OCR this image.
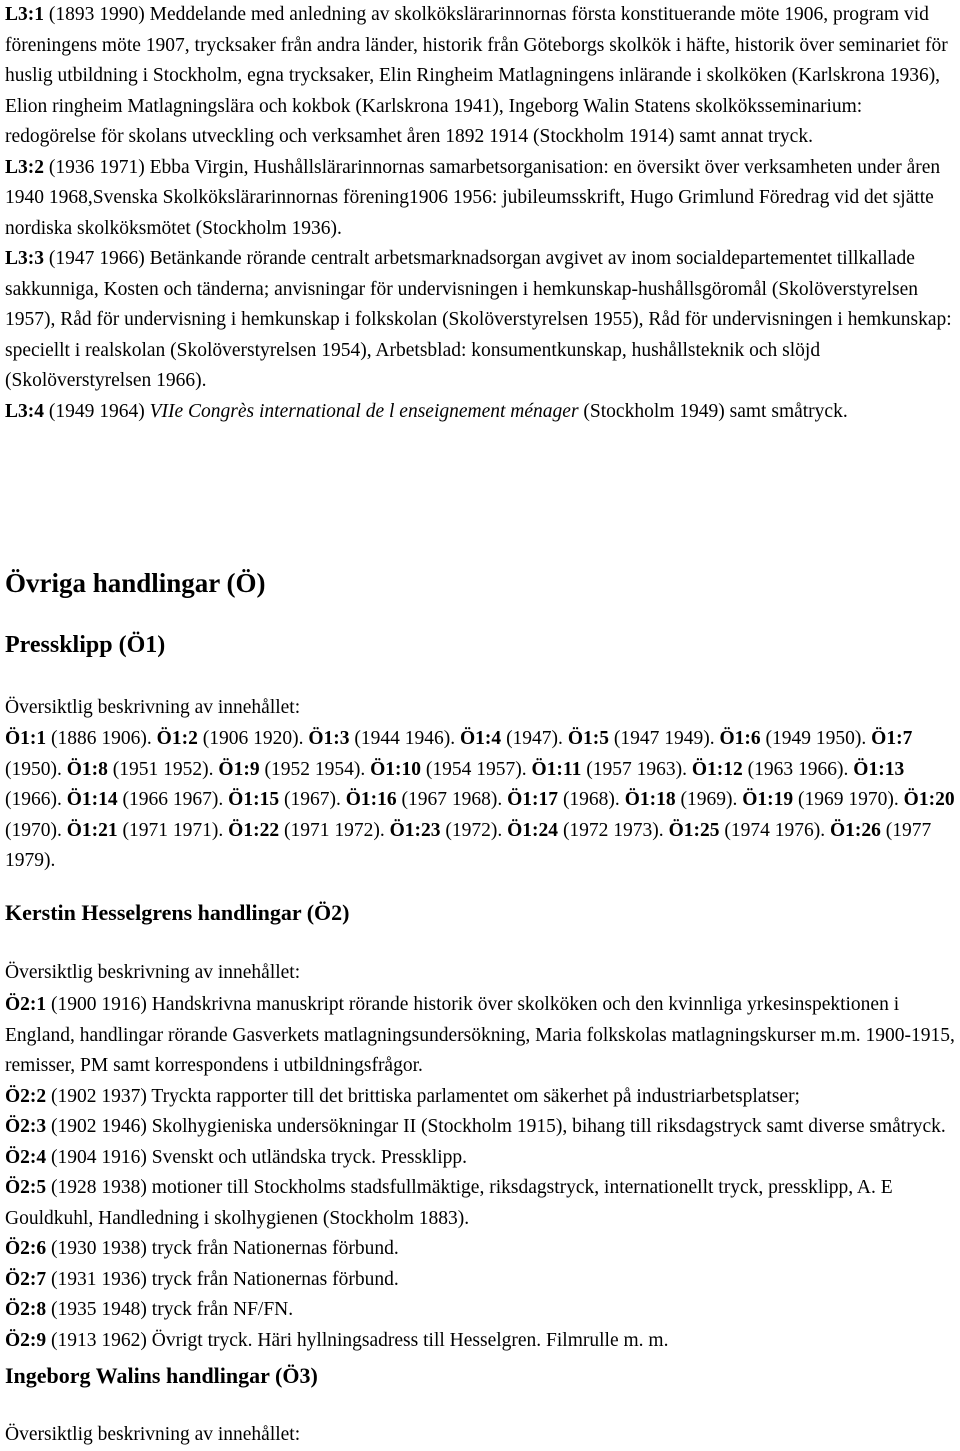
L3:1 (1893 1990) Meddelande med anledning av skolkökslärarinnornas första konstituerande möte 1906, program vid föreningens möte 1907, trycksaker från andra länder, historik från Göteborgs skolkök i häfte, historik över seminariet för huslig utbildning i Stockholm, egna trycksaker, Elin Ringheim Matlagningens inlärande i skolköken (Karlskrona 1936), Elion ringheim Matlagningslära och kokbok (Karlskrona 1941), Ingeborg Walin Statens skolköksseminarium: redogörelse för skolans utveckling och verksamhet åren 1892 1914 (Stockholm 1914) samt annat tryck.

L3:2 (1936 1971) Ebba Virgin, Hushållslärarinnornas samarbetsorganisation: en översikt över verksamheten under åren 1940 1968,Svenska Skolkökslärarinnornas förening1906 1956: jubileumsskrift, Hugo Grimlund Föredrag vid det sjätte nordiska skolköksmötet (Stockholm 1936).

L3:3 (1947 1966) Betänkande rörande centralt arbetsmarknadsorgan avgivet av inom socialdepartementet tillkallade sakkunniga, Kosten och tänderna; anvisningar för undervisningen i hemkunskap-hushållsgöromål (Skolöverstyrelsen 1957), Råd för undervisning i hemkunskap i folkskolan (Skolöverstyrelsen 1955), Råd för undervisningen i hemkunskap: speciellt i realskolan (Skolöverstyrelsen 1954), Arbetsblad: konsumentkunskap, hushållsteknik och slöjd (Skolöverstyrelsen 1966).

L3:4 (1949 1964) VIIe Congrès international de l enseignement ménager (Stockholm 1949) samt småtryck.

Övriga handlingar (Ö)
Pressklipp (Ö1)

Översiktlig beskrivning av innehållet:

Ö1:1 (1886 1906). Ö1:2 (1906 1920). Ö1:3 (1944 1946). Ö1:4 (1947). Ö1:5 (1947 1949). Ö1:6 (1949 1950). Ö1:7 (1950). Ö1:8 (1951 1952). Ö1:9 (1952 1954). Ö1:10 (1954 1957). Ö1:11 (1957 1963). Ö1:12 (1963 1966). Ö1:13 (1966). Ö1:14 (1966 1967). Ö1:15 (1967). Ö1:16 (1967 1968). Ö1:17 (1968). Ö1:18 (1969). Ö1:19 (1969 1970). Ö1:20 (1970). Ö1:21 (1971 1971). Ö1:22 (1971 1972). Ö1:23 (1972). Ö1:24 (1972 1973). Ö1:25 (1974 1976). Ö1:26 (1977 1979).

Kerstin Hesselgrens handlingar (Ö2)

Översiktlig beskrivning av innehållet:

Ö2:1 (1900 1916) Handskrivna manuskript rörande historik över skolköken och den kvinnliga yrkesinspektionen i England, handlingar rörande Gasverkets matlagningsundersökning, Maria folkskolas matlagningskurser m.m. 1900-1915, remisser, PM samt korrespondens i utbildningsfrågor.

Ö2:2 (1902 1937) Tryckta rapporter till det brittiska parlamentet om säkerhet på industriarbetsplatser;

Ö2:3 (1902 1946) Skolhygieniska undersökningar II (Stockholm 1915), bihang till riksdagstryck samt diverse småtryck.

Ö2:4 (1904 1916) Svenskt och utländska tryck. Pressklipp.

Ö2:5 (1928 1938) motioner till Stockholms stadsfullmäktige, riksdagstryck, internationellt tryck, pressklipp, A. E Gouldkuhl, Handledning i skolhygienen (Stockholm 1883).

Ö2:6 (1930 1938) tryck från Nationernas förbund.

Ö2:7 (1931 1936) tryck från Nationernas förbund.

Ö2:8 (1935 1948) tryck från NF/FN.

Ö2:9 (1913 1962) Övrigt tryck. Häri hyllningsadress till Hesselgren. Filmrulle m. m.

Ingeborg Walins handlingar (Ö3)

Översiktlig beskrivning av innehållet:
